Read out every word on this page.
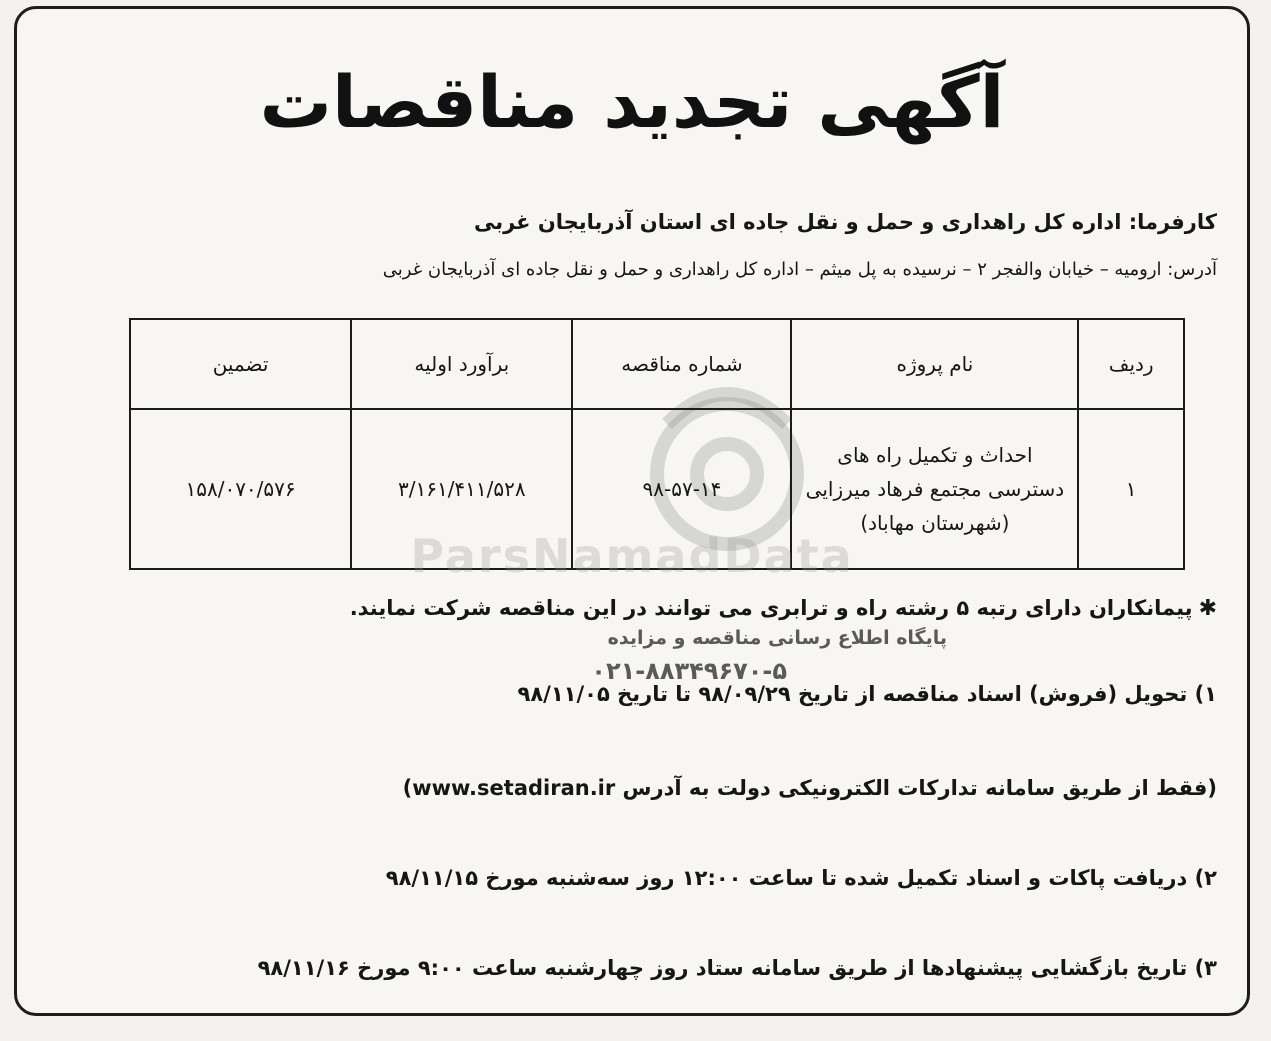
آگهی تجدید مناقصات
کارفرما: اداره کل راهداری و حمل و نقل جاده ای استان آذربایجان غربی
آدرس: ارومیه – خیابان والفجر ۲ – نرسیده به پل میثم – اداره کل راهداری و حمل و نقل جاده ای آذربایجان غربی
ردیف	نام پروژه	شماره مناقصه	برآورد اولیه	تضمین
۱	احداث و تکمیل راه های
دسترسی مجتمع فرهاد میرزایی
(شهرستان مهاباد)	۹۸-۵۷-۱۴	۳/۱۶۱/۴۱۱/۵۲۸	۱۵۸/۰۷۰/۵۷۶
ParsNamadData
✱پیمانکاران دارای رتبه ۵ رشته راه و ترابری می توانند در این مناقصه شرکت نمایند.
پایگاه اطلاع رسانی مناقصه و مزایده
۰۲۱-۸۸۳۴۹۶۷۰-۵
۱) تحویل (فروش) اسناد مناقصه از تاریخ ۹۸/۰۹/۲۹ تا تاریخ ۹۸/۱۱/۰۵
(فقط از طریق سامانه تدارکات الکترونیکی دولت به آدرس www.setadiran.ir)
۲) دریافت پاکات و اسناد تکمیل شده تا ساعت ۱۲:۰۰ روز سه‌شنبه مورخ ۹۸/۱۱/۱۵
۳) تاریخ بازگشایی پیشنهادها از طریق سامانه ستاد روز چهارشنبه ساعت ۹:۰۰ مورخ ۹۸/۱۱/۱۶
